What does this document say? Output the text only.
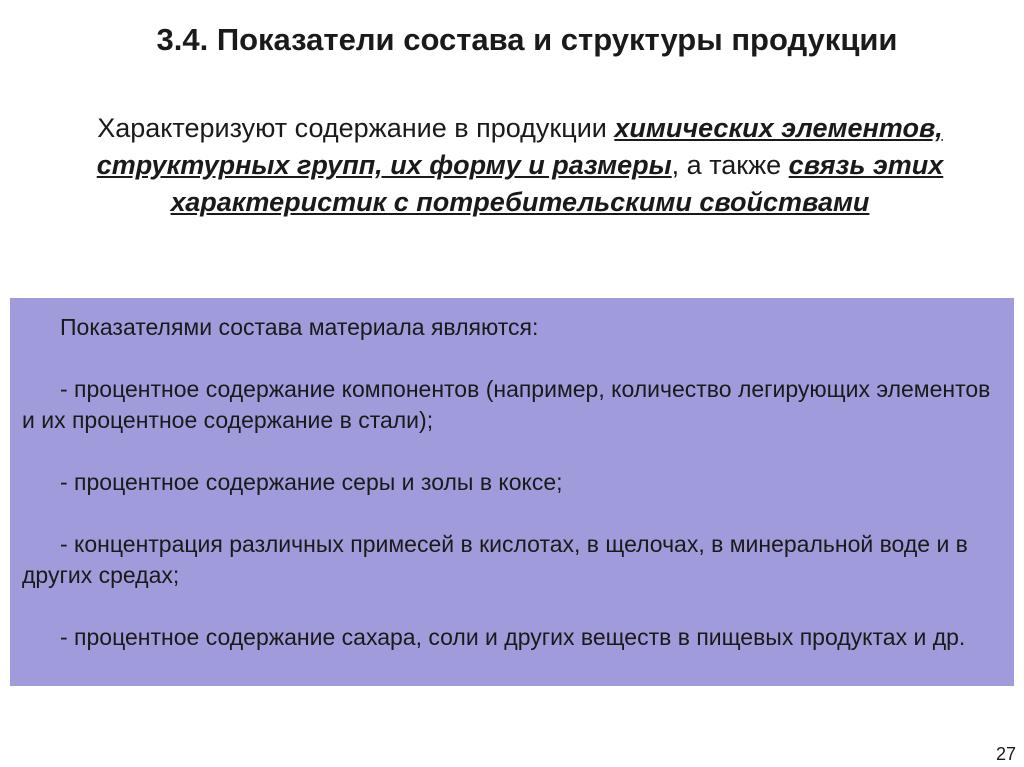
3.4. Показатели состава и структуры продукции
Характеризуют содержание в продукции химических элементов, структурных групп, их форму и размеры, а также связь этих характеристик с потребительскими свойствами

Показателями состава материала являются:

- процентное содержание компонентов (например, количество легирующих элементов и их процентное содержание в стали);

- процентное содержание серы и золы в коксе;

- концентрация различных примесей в кислотах, в щелочах, в минеральной воде и в других средах;

- процентное содержание сахара, соли и других веществ в пищевых продуктах и др.

27
